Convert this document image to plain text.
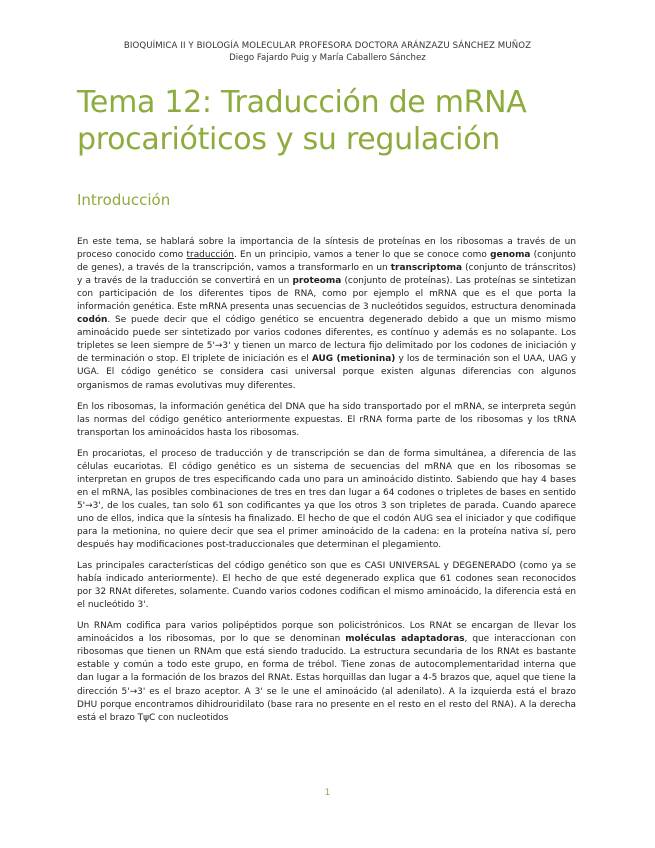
BIOQUÍMICA II Y BIOLOGÍA MOLECULAR PROFESORA DOCTORA ARÁNZAZU SÁNCHEZ MUÑOZ
Diego Fajardo Puig y María Caballero Sánchez
Tema 12: Traducción de mRNA procarióticos y su regulación
Introducción

En este tema, se hablará sobre la importancia de la síntesis de proteínas en los ribosomas a través de un proceso conocido como traducción. En un principio, vamos a tener lo que se conoce como genoma (conjunto de genes), a través de la transcripción, vamos a transformarlo en un transcriptoma (conjunto de tránscritos) y a través de la traducción se convertirá en un proteoma (conjunto de proteínas). Las proteínas se sintetizan con participación de los diferentes tipos de RNA, como por ejemplo el mRNA que es el que porta la información genética. Este mRNA presenta unas secuencias de 3 nucleótidos seguidos, estructura denominada codón. Se puede decir que el código genético se encuentra degenerado debido a que un mismo mismo aminoácido puede ser sintetizado por varios codones diferentes, es contínuo y además es no solapante. Los tripletes se leen siempre de 5'→3' y tienen un marco de lectura fijo delimitado por los codones de iniciación y de terminación o stop. El triplete de iniciación es el AUG (metionina) y los de terminación son el UAA, UAG y UGA. El código genético se considera casi universal porque existen algunas diferencias con algunos organismos de ramas evolutivas muy diferentes.

En los ribosomas, la información genética del DNA que ha sido transportado por el mRNA, se interpreta según las normas del código genético anteriormente expuestas. El rRNA forma parte de los ribosomas y los tRNA transportan los aminoácidos hasta los ribosomas.

En procariotas, el proceso de traducción y de transcripción se dan de forma simultánea, a diferencia de las células eucariotas. El código genético es un sistema de secuencias del mRNA que en los ribosomas se interpretan en grupos de tres especificando cada uno para un aminoácido distinto. Sabiendo que hay 4 bases en el mRNA, las posibles combinaciones de tres en tres dan lugar a 64 codones o tripletes de bases en sentido 5'→3', de los cuales, tan solo 61 son codificantes ya que los otros 3 son tripletes de parada. Cuando aparece uno de ellos, indica que la síntesis ha finalizado. El hecho de que el codón AUG sea el iniciador y que codifique para la metionina, no quiere decir que sea el primer aminoácido de la cadena: en la proteína nativa sí, pero después hay modificaciones post-traduccionales que determinan el plegamiento.

Las principales características del código genético son que es CASI UNIVERSAL y DEGENERADO (como ya se había indicado anteriormente). El hecho de que esté degenerado explica que 61 codones sean reconocidos por 32 RNAt diferetes, solamente. Cuando varios codones codifican el mismo aminoácido, la diferencia está en el nucleótido 3'.

Un RNAm codifica para varios polipéptidos porque son policistrónicos. Los RNAt se encargan de llevar los aminoácidos a los ribosomas, por lo que se denominan moléculas adaptadoras, que interaccionan con ribosomas que tienen un RNAm que está siendo traducido. La estructura secundaria de los RNAt es bastante estable y común a todo este grupo, en forma de trébol. Tiene zonas de autocomplementaridad interna que dan lugar a la formación de los brazos del RNAt. Estas horquillas dan lugar a 4-5 brazos que, aquel que tiene la dirección 5'→3' es el brazo aceptor. A 3' se le une el aminoácido (al adenilato). A la izquierda está el brazo DHU porque encontramos dihidrouridilato (base rara no presente en el resto en el resto del RNA). A la derecha está el brazo TψC con nucleotidos

1
